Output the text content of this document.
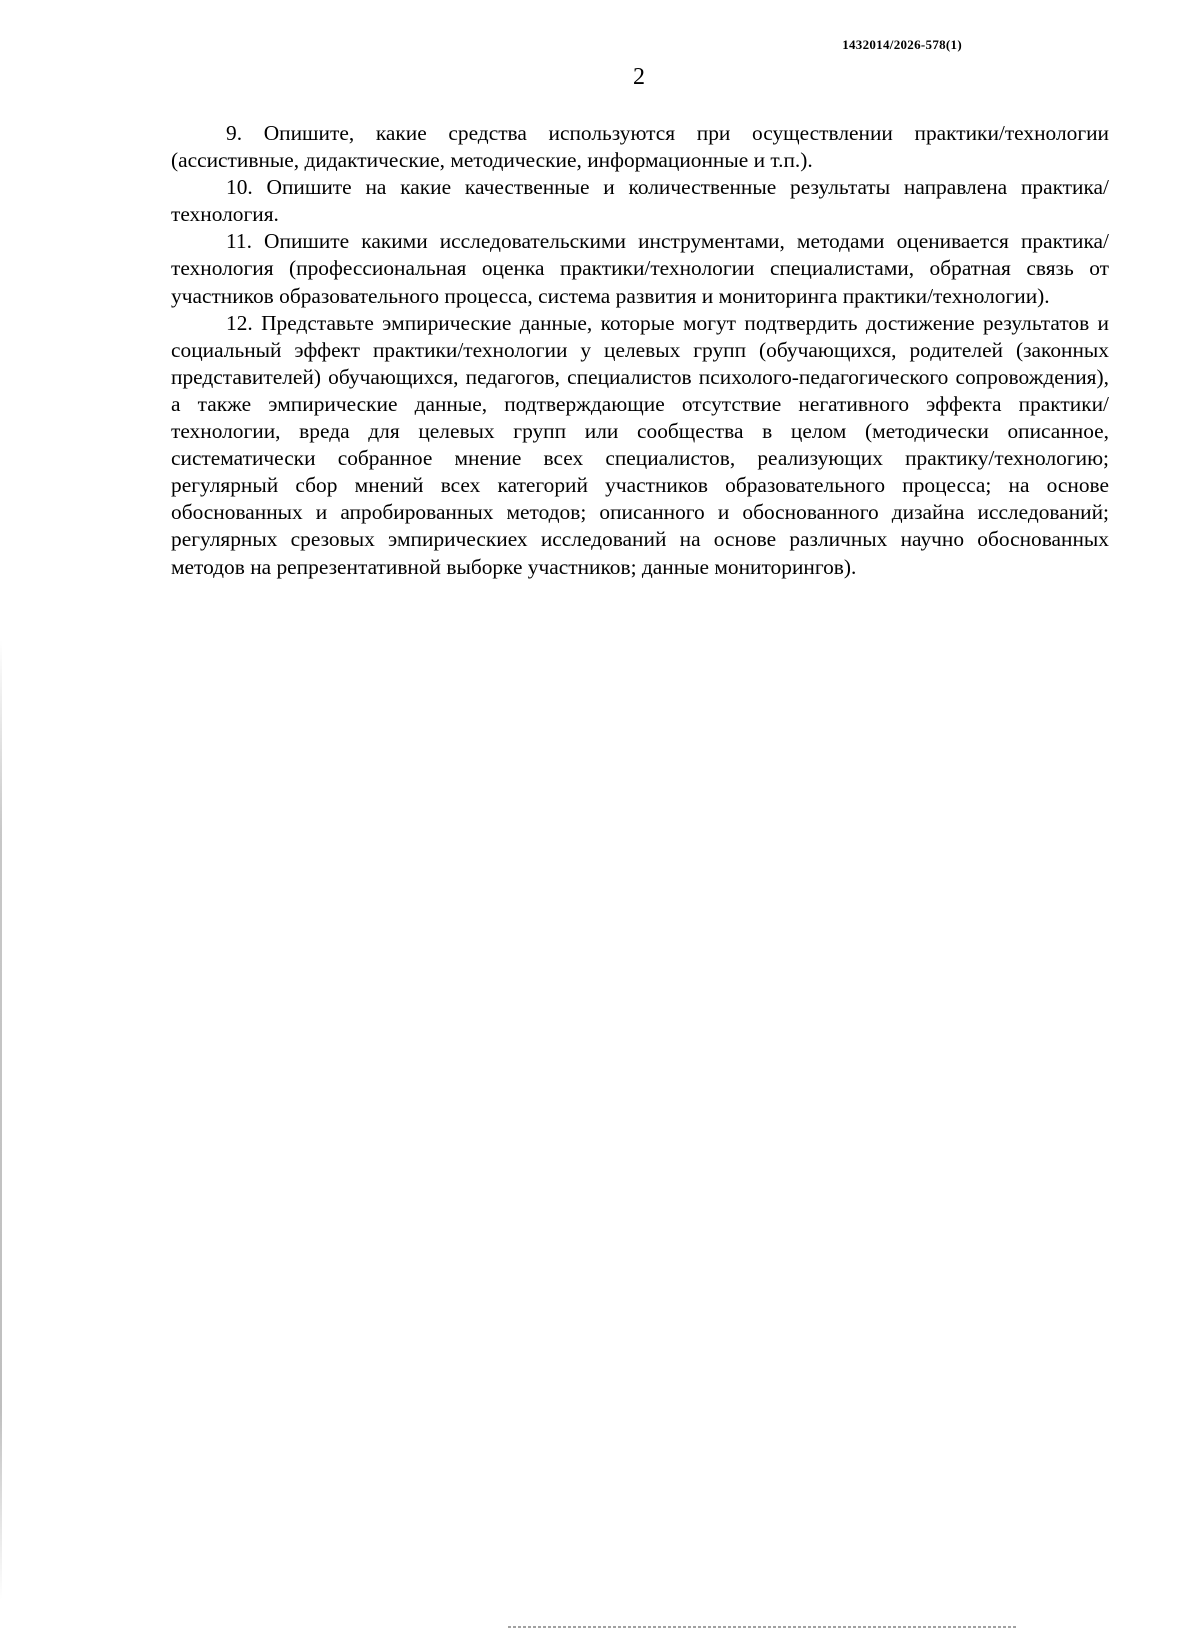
1432014/2026-578(1)
2

9. Опишите, какие средства используются при осуществлении практики/технологии (ассистивные, дидактические, методические, информационные и т.п.).

10. Опишите на какие качественные и количественные результаты направлена практика/технология.

11. Опишите какими исследовательскими инструментами, методами оценивается практика/технология (профессиональная оценка практики/технологии специалистами, обратная связь от участников образовательного процесса, система развития и мониторинга практики/технологии).

12. Представьте эмпирические данные, которые могут подтвердить достижение результатов и социальный эффект практики/технологии у целевых групп (обучающихся, родителей (законных представителей) обучающихся, педагогов, специалистов психолого-педагогического сопровождения), а также эмпирические данные, подтверждающие отсутствие негативного эффекта практики/технологии, вреда для целевых групп или сообщества в целом (методически описанное, систематически собранное мнение всех специалистов, реализующих практику/технологию; регулярный сбор мнений всех категорий участников образовательного процесса; на основе обоснованных и апробированных методов; описанного и обоснованного дизайна исследований; регулярных срезовых эмпирическиех исследований на основе различных научно обоснованных методов на репрезентативной выборке участников; данные мониторингов).
